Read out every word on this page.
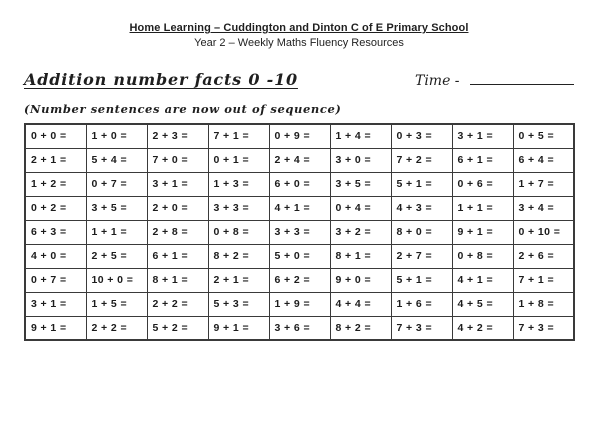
Home Learning – Cuddington and Dinton C of E Primary School
Year 2 – Weekly Maths Fluency Resources
Addition number facts 0 -10	Time -
(Number sentences are now out of sequence)
0 + 0 =	1 + 0 =	2 + 3 =	7 + 1 =	0 + 9 =	1 + 4 =	0 + 3 =	3 + 1 =	0 + 5 =
2 + 1 =	5 + 4 =	7 + 0 =	0 + 1 =	2 + 4 =	3 + 0 =	7 + 2 =	6 + 1 =	6 + 4 =
1 + 2 =	0 + 7 =	3 + 1 =	1 + 3 =	6 + 0 =	3 + 5 =	5 + 1 =	0 + 6 =	1 + 7 =
0 + 2 =	3 + 5 =	2 + 0 =	3 + 3 =	4 + 1 =	0 + 4 =	4 + 3 =	1 + 1 =	3 + 4 =
6 + 3 =	1 + 1 =	2 + 8 =	0 + 8 =	3 + 3 =	3 + 2 =	8 + 0 =	9 + 1 =	0 + 10 =
4 + 0 =	2 + 5 =	6 + 1 =	8 + 2 =	5 + 0 =	8 + 1 =	2 + 7 =	0 + 8 =	2 + 6 =
0 + 7 =	10 + 0 =	8 + 1 =	2 + 1 =	6 + 2 =	9 + 0 =	5 + 1 =	4 + 1 =	7 + 1 =
3 + 1 =	1 + 5 =	2 + 2 =	5 + 3 =	1 + 9 =	4 + 4 =	1 + 6 =	4 + 5 =	1 + 8 =
9 + 1 =	2 + 2 =	5 + 2 =	9 + 1 =	3 + 6 =	8 + 2 =	7 + 3 =	4 + 2 =	7 + 3 =
